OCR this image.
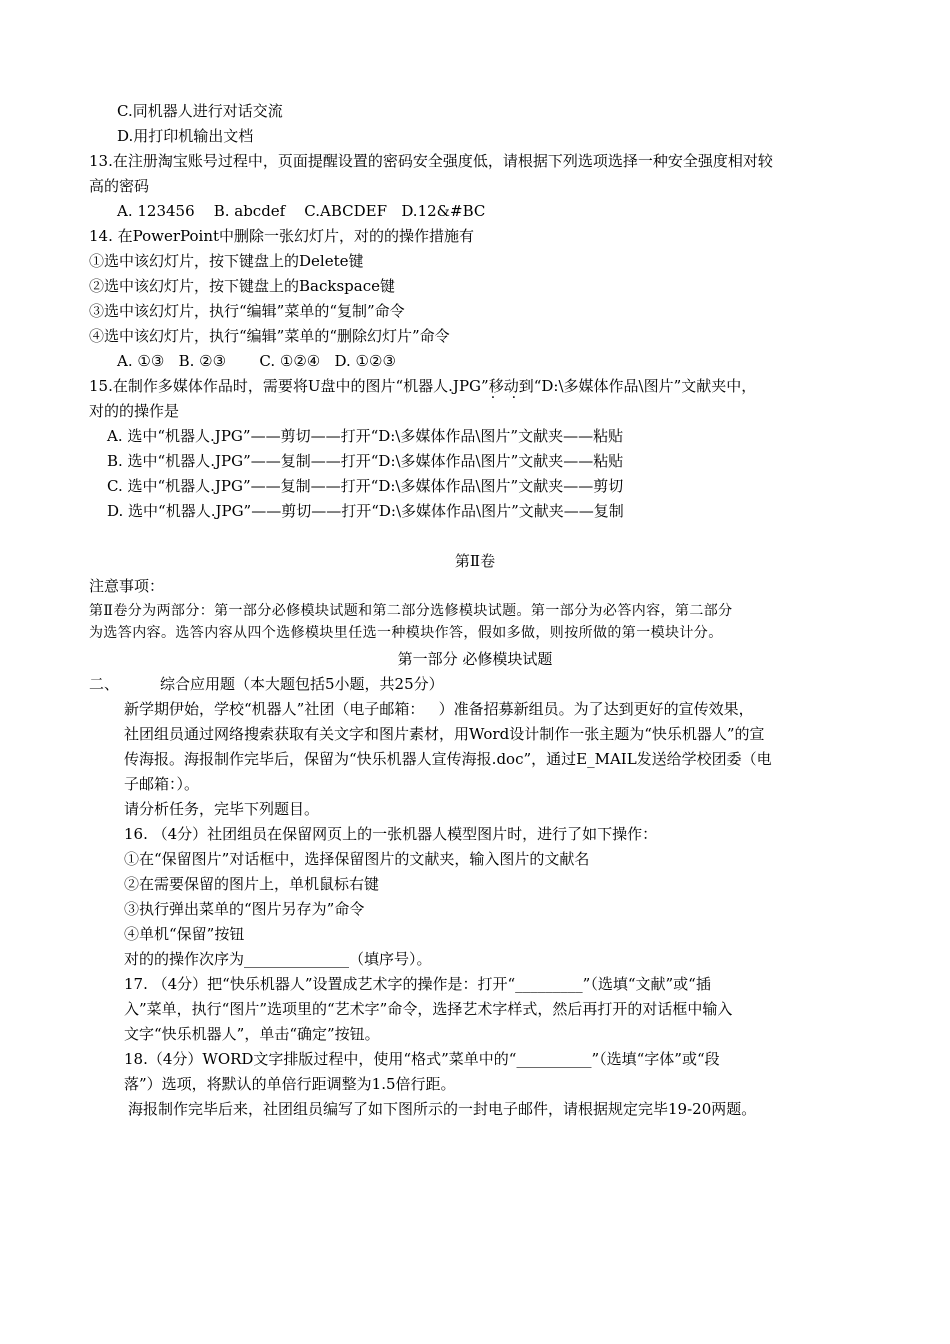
C.同机器人进行对话交流
D.用打印机输出文档
13.在注册淘宝账号过程中，页面提醒设置的密码安全强度低，请根据下列选项选择一种安全强度相对较
高的密码
A. 123456    B. abcdef    C.ABCDEF   D.12&#BC
14. 在PowerPoint中删除一张幻灯片，对的的操作措施有
①选中该幻灯片，按下键盘上的Delete键
②选中该幻灯片，按下键盘上的Backspace键
③选中该幻灯片，执行“编辑”菜单的“复制”命令
④选中该幻灯片，执行“编辑”菜单的“删除幻灯片”命令
A. ①③   B. ②③       C. ①②④   D. ①②③
15.在制作多媒体作品时，需要将U盘中的图片“机器人.JPG”移动 · ·到“D:\多媒体作品\图片”文献夹中，
对的的操作是
A. 选中“机器人.JPG”——剪切——打开“D:\多媒体作品\图片”文献夹——粘贴
B. 选中“机器人.JPG”——复制——打开“D:\多媒体作品\图片”文献夹——粘贴
C. 选中“机器人.JPG”——复制——打开“D:\多媒体作品\图片”文献夹——剪切
D. 选中“机器人.JPG”——剪切——打开“D:\多媒体作品\图片”文献夹——复制
第Ⅱ卷
注意事项：
第Ⅱ卷分为两部分：第一部分必修模块试题和第二部分选修模块试题。第一部分为必答内容，第二部分
为选答内容。选答内容从四个选修模块里任选一种模块作答，假如多做，则按所做的第一模块计分。
第一部分 必修模块试题
二、	综合应用题（本大题包括5小题，共25分）
新学期伊始，学校“机器人”社团（电子邮箱：   ）准备招募新组员。为了达到更好的宣传效果，
社团组员通过网络搜索获取有关文字和图片素材，用Word设计制作一张主题为“快乐机器人”的宣
传海报。海报制作完毕后，保留为“快乐机器人宣传海报.doc”，通过E_MAIL发送给学校团委（电
子邮箱：）。
请分析任务，完毕下列题目。
16. （4分）社团组员在保留网页上的一张机器人模型图片时，进行了如下操作：
①在“保留图片”对话框中，选择保留图片的文献夹，输入图片的文献名
②在需要保留的图片上，单机鼠标右键
③执行弹出菜单的“图片另存为”命令
④单机“保留”按钮
对的的操作次序为______________（填序号）。
17. （4分）把“快乐机器人”设置成艺术字的操作是：打开“_________”（选填“文献”或“插
入”菜单，执行“图片”选项里的“艺术字”命令，选择艺术字样式，然后再打开的对话框中输入
文字“快乐机器人”，单击“确定”按钮。
18.（4分）WORD文字排版过程中，使用“格式”菜单中的“__________”（选填“字体”或“段
落”）选项，将默认的单倍行距调整为1.5倍行距。
海报制作完毕后来，社团组员编写了如下图所示的一封电子邮件，请根据规定完毕19-20两题。
